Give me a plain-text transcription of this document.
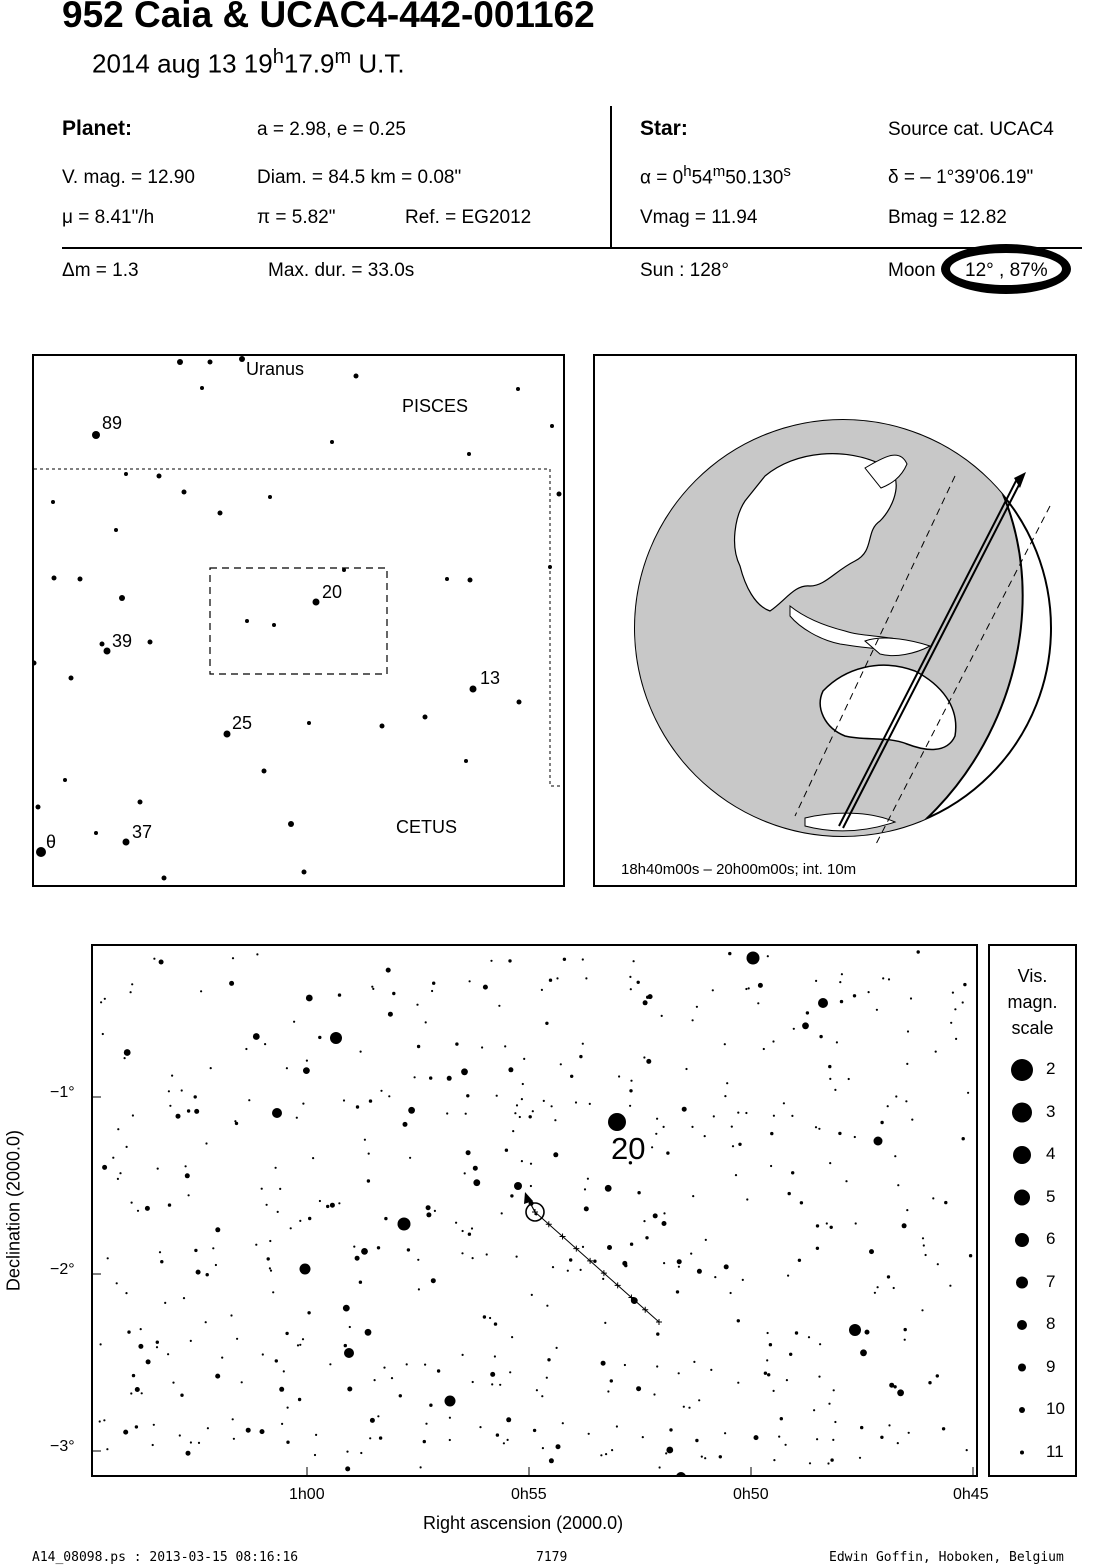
952 Caia & UCAC4-442-001162
2014 aug 13 19$^h$17.9$^m$ U.T.
Planet:	a = 2.98, e = 0.25
V. mag. = 12.90	Diam. = 84.5 km = 0.08"
μ = 8.41"/h	π = 5.82"	Ref. = EG2012
Star:	Source cat. UCAC4
$\alpha = 0^h54^m50.130^s$	δ = – 1°39'06.19"
Vmag = 11.94	Bmag = 12.82
Δm = 1.3	Max. dur. = 33.0s	Sun : 128°	Moon 12° , 87%
Uranus
PISCES
CETUS
θ
89
20
39
13
25
37
18h40m00s – 20h00m00s; int. 10m
20
−1°
−2°
−3°
1h00	0h55	0h50	0h45
Right ascension (2000.0)
Declination (2000.0)
Vis.
magn.
scale
2
3
4
5
6
7
8
9
10
11
A14_08098.ps : 2013-03-15 08:16:16	7179	Edwin Goffin, Hoboken, Belgium
